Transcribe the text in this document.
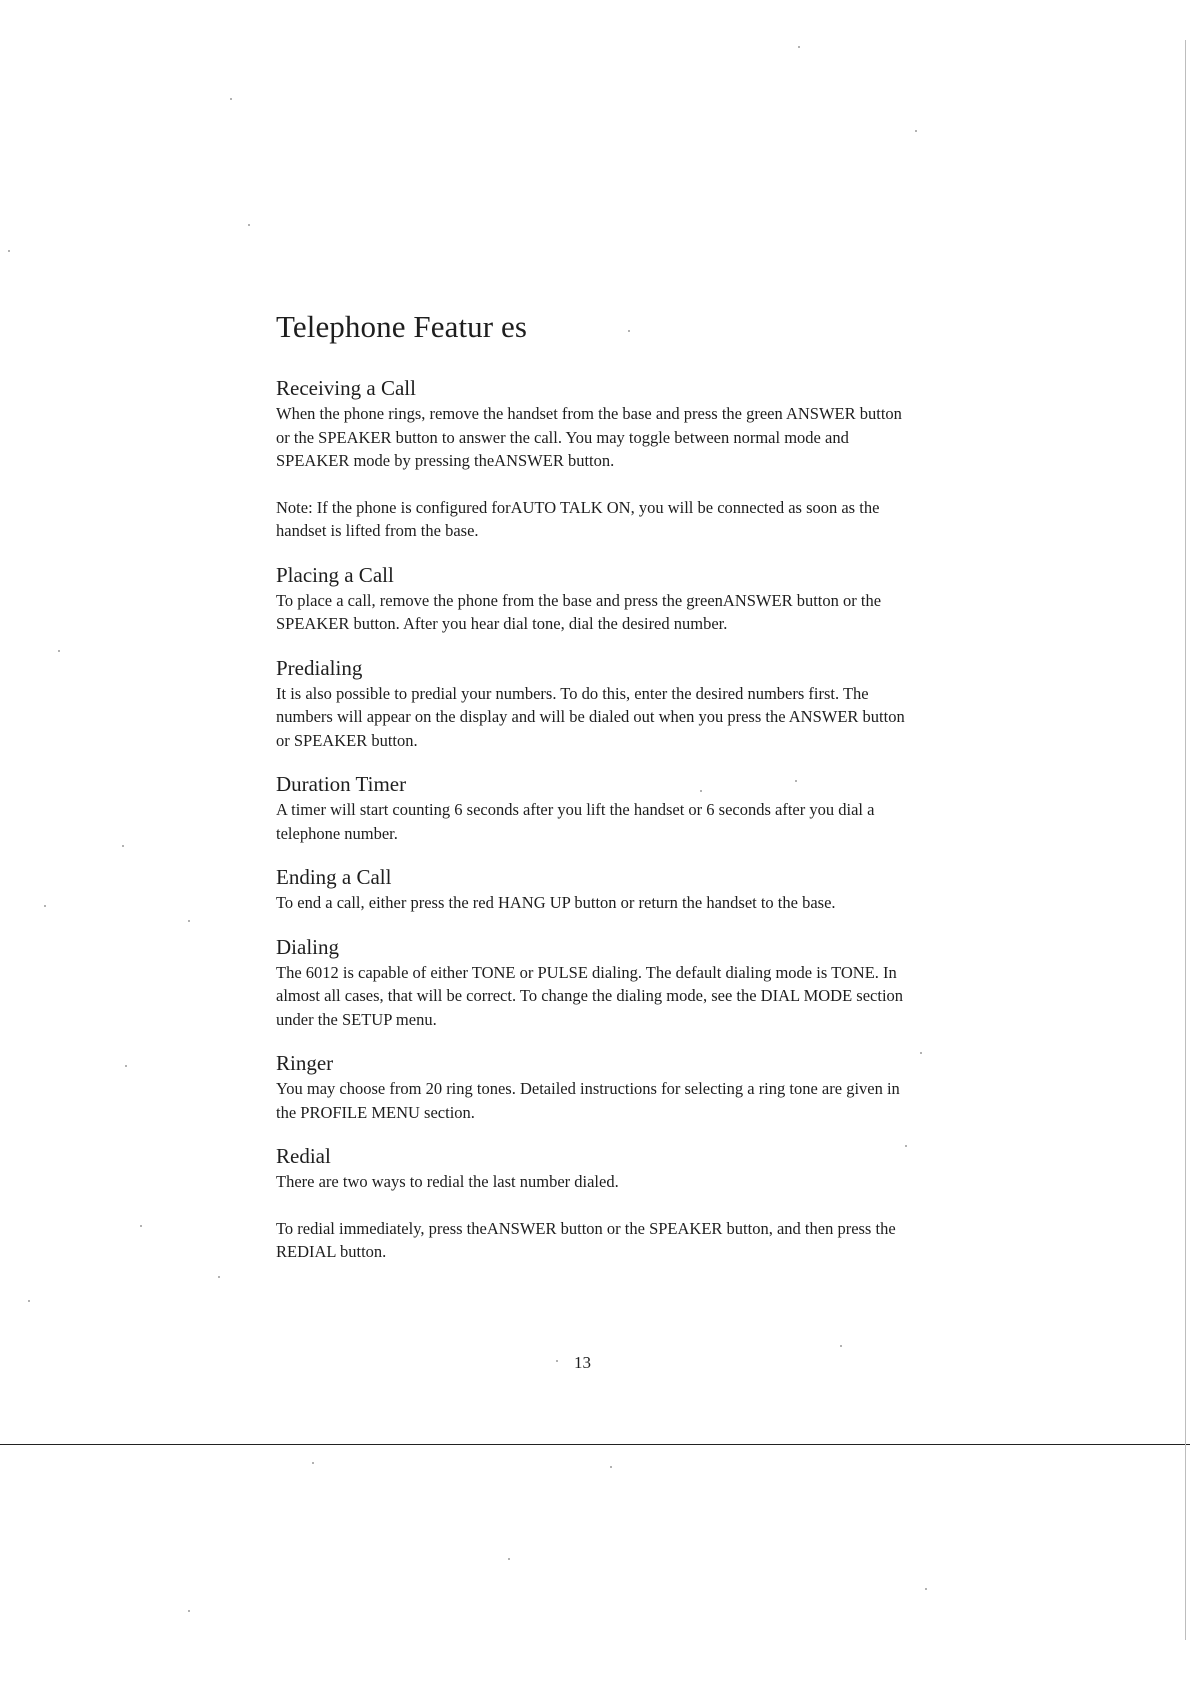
Telephone Featur es
Receiving a Call

When the phone rings, remove the handset from the base and press the green ANSWER button or the SPEAKER button to answer the call. You may toggle between normal mode and SPEAKER mode by pressing theANSWER button.

Note: If the phone is configured forAUTO TALK ON, you will be connected as soon as the handset is lifted from the base.

Placing a Call

To place a call, remove the phone from the base and press the greenANSWER button or the SPEAKER button. After you hear dial tone, dial the desired number.

Predialing

It is also possible to predial your numbers. To do this, enter the desired numbers first. The numbers will appear on the display and will be dialed out when you press the ANSWER button or SPEAKER button.

Duration Timer

A timer will start counting 6 seconds after you lift the handset or 6 seconds after you dial a telephone number.

Ending a Call

To end a call, either press the red HANG UP button or return the handset to the base.

Dialing

The 6012 is capable of either TONE or PULSE dialing. The default dialing mode is TONE. In almost all cases, that will be correct. To change the dialing mode, see the DIAL MODE section under the SETUP menu.

Ringer

You may choose from 20 ring tones. Detailed instructions for selecting a ring tone are given in the PROFILE MENU section.

Redial

There are two ways to redial the last number dialed.

To redial immediately, press theANSWER button or the SPEAKER button, and then press the REDIAL button.

13
